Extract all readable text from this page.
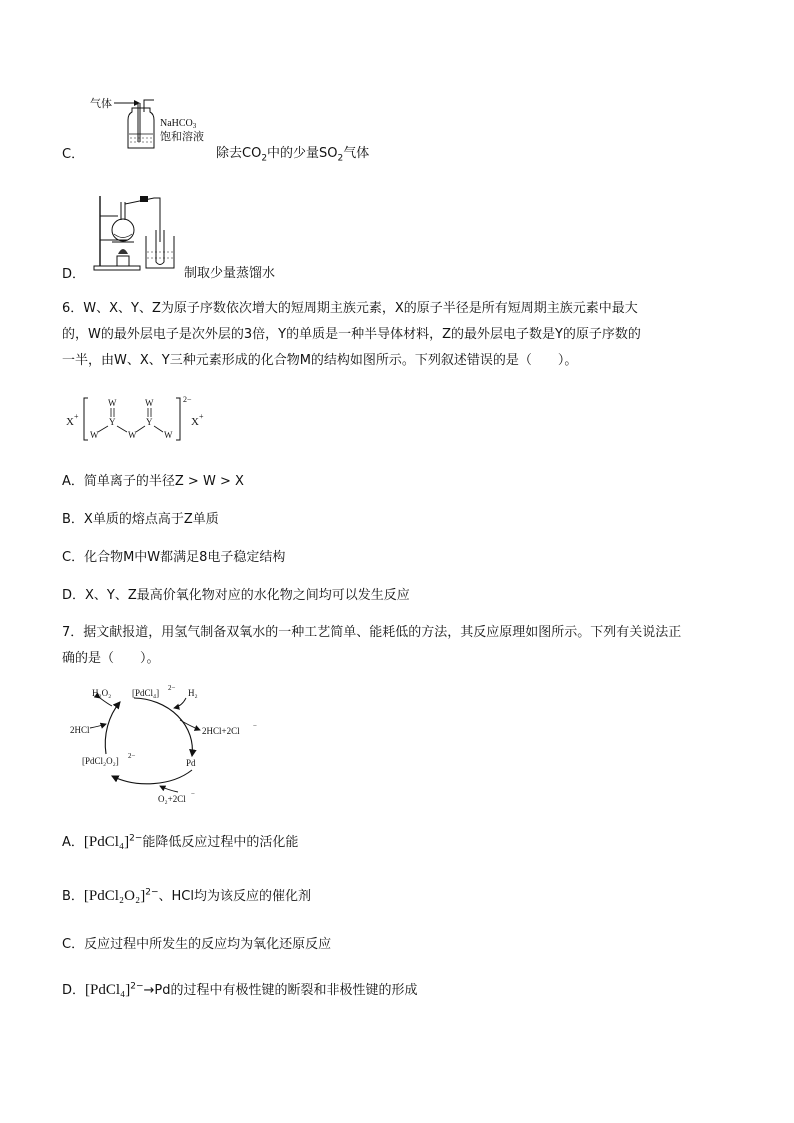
气体
NaHCO$_3$
饱和溶液
C．	除去$CO_2$中的少量$SO_2$气体
D．	制取少量蒸馏水
6．W、X、Y、Z为原子序数依次增大的短周期主族元素，X的原子半径是所有短周期主族元素中最大
的，W的最外层电子是次外层的3倍，Y的单质是一种半导体材料，Z的最外层电子数是Y的原子序数的
一半，由W、X、Y三种元素形成的化合物M的结构如图所示。下列叙述错误的是（　　）。
X +
W
Y
W	W
W
Y
W
2−
X +
A．简单离子的半径Z > W > X
B．X单质的熔点高于Z单质
C．化合物M中W都满足8电子稳定结构
D．X、Y、Z最高价氧化物对应的水化物之间均可以发生反应
7．据文献报道，用氢气制备双氧水的一种工艺简单、能耗低的方法，其反应原理如图所示。下列有关说法正
确的是（　　）。
H₂O₂ [PdCl₄] 2− H₂
2HCl	2HCl+2Cl −
[PdCl₂O₂] 2−
Pd
O₂+2Cl −
A．[PdCl₄]$^{2-}$能降低反应过程中的活化能
B．[PdCl₂O₂]$^{2-}$、HCl均为该反应的催化剂
C．反应过程中所发生的反应均为氧化还原反应
D．[PdCl₄]$^{2-}$→Pd的过程中有极性键的断裂和非极性键的形成
